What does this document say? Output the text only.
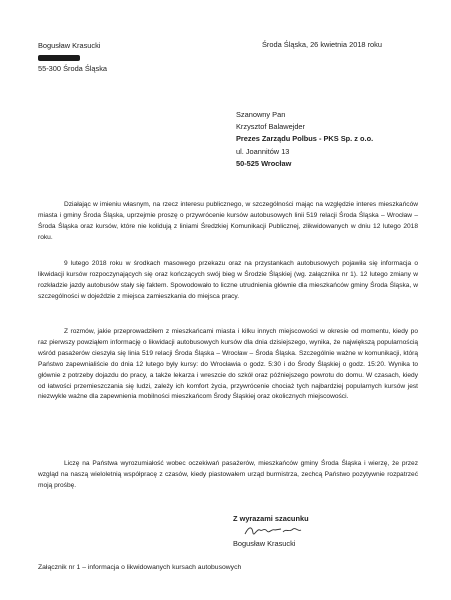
Bogusław Krasucki
55-300 Środa Śląska
Środa Śląska, 26 kwietnia 2018 roku
Szanowny Pan
Krzysztof Balawejder
Prezes Zarządu Polbus - PKS Sp. z o.o.
ul. Joannitów 13
50-525 Wrocław

Działając w imieniu własnym, na rzecz interesu publicznego, w szczególności mając na względzie interes mieszkańców miasta i gminy Środa Śląska, uprzejmie proszę o przywrócenie kursów autobusowych linii 519 relacji Środa Śląska – Wrocław – Środa Śląska oraz kursów, które nie kolidują z liniami Średzkiej Komunikacji Publicznej, zlikwidowanych w dniu 12 lutego 2018 roku.

9 lutego 2018 roku w środkach masowego przekazu oraz na przystankach autobusowych pojawiła się informacja o likwidacji kursów rozpoczynających się oraz kończących swój bieg w Środzie Śląskiej (wg. załącznika nr 1). 12 lutego zmiany w rozkładzie jazdy autobusów stały się faktem. Spowodowało to liczne utrudnienia głównie dla mieszkańców gminy Środa Śląska, w szczególności w dojeździe z miejsca zamieszkania do miejsca pracy.

Z rozmów, jakie przeprowadziłem z mieszkańcami miasta i kilku innych miejscowości w okresie od momentu, kiedy po raz pierwszy powziąłem informację o likwidacji autobusowych kursów dla dnia dzisiejszego, wynika, że największą popularnością wśród pasażerów cieszyła się linia 519 relacji Środa Śląska – Wrocław – Środa Śląska. Szczególnie ważne w komunikacji, którą Państwo zapewnialiście do dnia 12 lutego były kursy: do Wrocławia o godz. 5:30 i do Środy Śląskiej o godz. 15:20. Wynika to głównie z potrzeby dojazdu do pracy, a także lekarza i wreszcie do szkół oraz późniejszego powrotu do domu. W czasach, kiedy od łatwości przemieszczania się ludzi, zależy ich komfort życia, przywrócenie chociaż tych najbardziej popularnych kursów jest niezwykle ważne dla zapewnienia mobilności mieszkańcom Środy Śląskiej oraz okolicznych miejscowości.

Liczę na Państwa wyrozumiałość wobec oczekiwań pasażerów, mieszkańców gminy Środa Śląska i wierzę, że przez wzgląd na naszą wieloletnią współpracę z czasów, kiedy piastowałem urząd burmistrza, zechcą Państwo pozytywnie rozpatrzeć moją prośbę.

Z wyrazami szacunku
Bogusław Krasucki
Załącznik nr 1 – informacja o likwidowanych kursach autobusowych
